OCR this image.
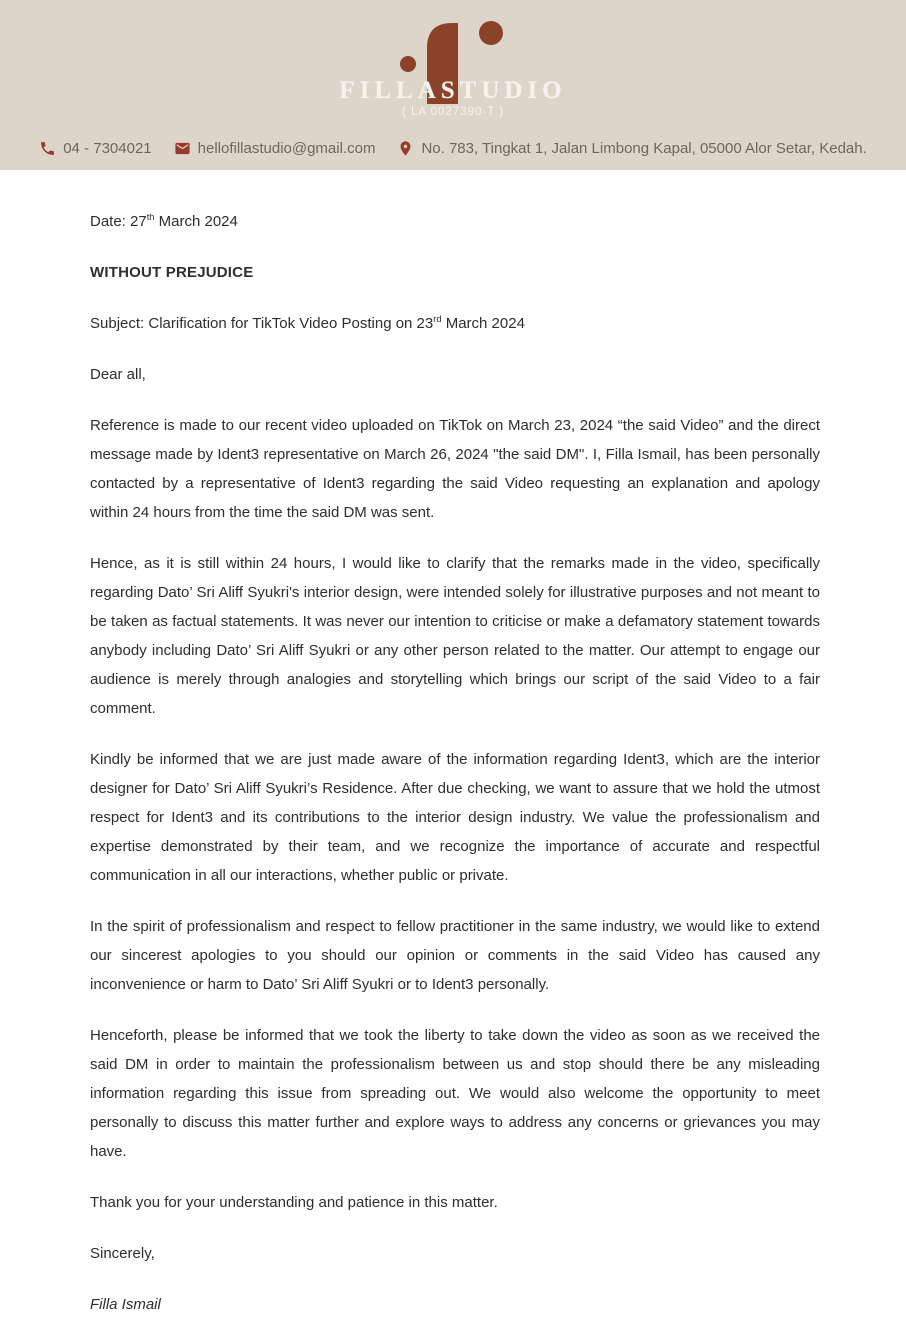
FILLASTUDIO
( LA 0027390-T )
04 - 7304021	hellofillastudio@gmail.com	No. 783, Tingkat 1, Jalan Limbong Kapal, 05000 Alor Setar, Kedah.
Date: 27th March 2024
WITHOUT PREJUDICE
Subject: Clarification for TikTok Video Posting on 23rd March 2024
Dear all,

Reference is made to our recent video uploaded on TikTok on March 23, 2024 “the said Video” and the direct message made by Ident3 representative on March 26, 2024 "the said DM". I, Filla Ismail, has been personally contacted by a representative of Ident3 regarding the said Video requesting an explanation and apology within 24 hours from the time the said DM was sent.

Hence, as it is still within 24 hours, I would like to clarify that the remarks made in the video, specifically regarding Dato’ Sri Aliff Syukri's interior design, were intended solely for illustrative purposes and not meant to be taken as factual statements. It was never our intention to criticise or make a defamatory statement towards anybody including Dato’ Sri Aliff Syukri or any other person related to the matter. Our attempt to engage our audience is merely through analogies and storytelling which brings our script of the said Video to a fair comment.

Kindly be informed that we are just made aware of the information regarding Ident3, which are the interior designer for Dato’ Sri Aliff Syukri’s Residence. After due checking, we want to assure that we hold the utmost respect for Ident3 and its contributions to the interior design industry. We value the professionalism and expertise demonstrated by their team, and we recognize the importance of accurate and respectful communication in all our interactions, whether public or private.

In the spirit of professionalism and respect to fellow practitioner in the same industry, we would like to extend our sincerest apologies to you should our opinion or comments in the said Video has caused any inconvenience or harm to Dato’ Sri Aliff Syukri or to Ident3 personally.

Henceforth, please be informed that we took the liberty to take down the video as soon as we received the said DM in order to maintain the professionalism between us and stop should there be any misleading information regarding this issue from spreading out. We would also welcome the opportunity to meet personally to discuss this matter further and explore ways to address any concerns or grievances you may have.

Thank you for your understanding and patience in this matter.
Sincerely,
Filla Ismail
